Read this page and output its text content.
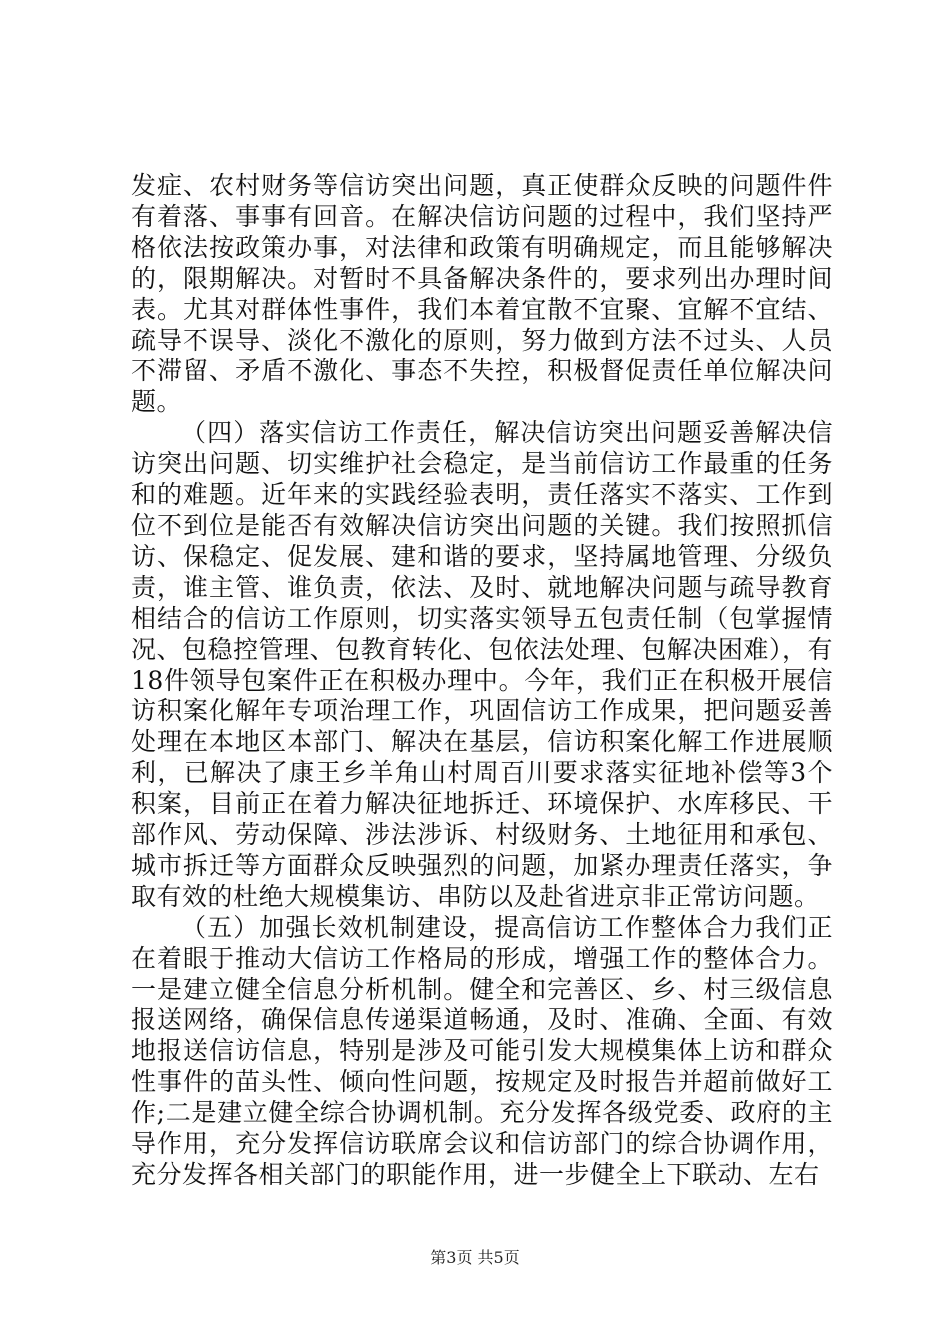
发症、农村财务等信访突出问题，真正使群众反映的问题件件有着落、事事有回音。在解决信访问题的过程中，我们坚持严格依法按政策办事，对法律和政策有明确规定，而且能够解决的，限期解决。对暂时不具备解决条件的，要求列出办理时间表。尤其对群体性事件，我们本着宜散不宜聚、宜解不宜结、疏导不误导、淡化不激化的原则，努力做到方法不过头、人员不滞留、矛盾不激化、事态不失控，积极督促责任单位解决问题。

（四）落实信访工作责任，解决信访突出问题妥善解决信访突出问题、切实维护社会稳定，是当前信访工作最重的任务和的难题。近年来的实践经验表明，责任落实不落实、工作到位不到位是能否有效解决信访突出问题的关键。我们按照抓信访、保稳定、促发展、建和谐的要求，坚持属地管理、分级负责，谁主管、谁负责，依法、及时、就地解决问题与疏导教育相结合的信访工作原则，切实落实领导五包责任制（包掌握情况、包稳控管理、包教育转化、包依法处理、包解决困难），有18件领导包案件正在积极办理中。今年，我们正在积极开展信访积案化解年专项治理工作，巩固信访工作成果，把问题妥善处理在本地区本部门、解决在基层，信访积案化解工作进展顺利，已解决了康王乡羊角山村周百川要求落实征地补偿等3个积案，目前正在着力解决征地拆迁、环境保护、水库移民、干部作风、劳动保障、涉法涉诉、村级财务、土地征用和承包、城市拆迁等方面群众反映强烈的问题，加紧办理责任落实，争取有效的杜绝大规模集访、串防以及赴省进京非正常访问题。

（五）加强长效机制建设，提高信访工作整体合力我们正在着眼于推动大信访工作格局的形成，增强工作的整体合力。一是建立健全信息分析机制。健全和完善区、乡、村三级信息报送网络，确保信息传递渠道畅通，及时、准确、全面、有效地报送信访信息，特别是涉及可能引发大规模集体上访和群众性事件的苗头性、倾向性问题，按规定及时报告并超前做好工作;二是建立健全综合协调机制。充分发挥各级党委、政府的主导作用，充分发挥信访联席会议和信访部门的综合协调作用，充分发挥各相关部门的职能作用，进一步健全上下联动、左右

第3页 共5页
